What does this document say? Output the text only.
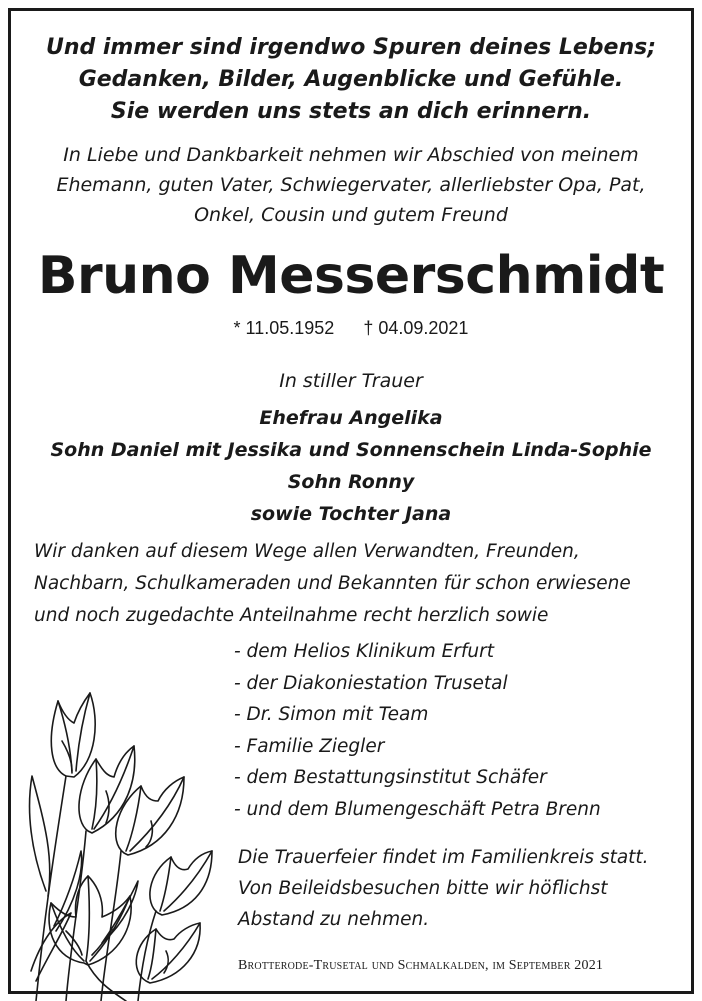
Und immer sind irgendwo Spuren deines Lebens;
Gedanken, Bilder, Augenblicke und Gefühle.
Sie werden uns stets an dich erinnern.
In Liebe und Dankbarkeit nehmen wir Abschied von meinem
Ehemann, guten Vater, Schwiegervater, allerliebster Opa, Pat,
Onkel, Cousin und gutem Freund
Bruno Messerschmidt
* 11.05.1952 † 04.09.2021
In stiller Trauer
Ehefrau Angelika
Sohn Daniel mit Jessika und Sonnenschein Linda-Sophie
Sohn Ronny
sowie Tochter Jana
Wir danken auf diesem Wege allen Verwandten, Freunden,
Nachbarn, Schulkameraden und Bekannten für schon erwiesene
und noch zugedachte Anteilnahme recht herzlich sowie
- dem Helios Klinikum Erfurt
- der Diakoniestation Trusetal
- Dr. Simon mit Team
- Familie Ziegler
- dem Bestattungsinstitut Schäfer
- und dem Blumengeschäft Petra Brenn
Die Trauerfeier findet im Familienkreis statt.
Von Beileidsbesuchen bitte wir höflichst
Abstand zu nehmen.
Brotterode-Trusetal und Schmalkalden, im September 2021
